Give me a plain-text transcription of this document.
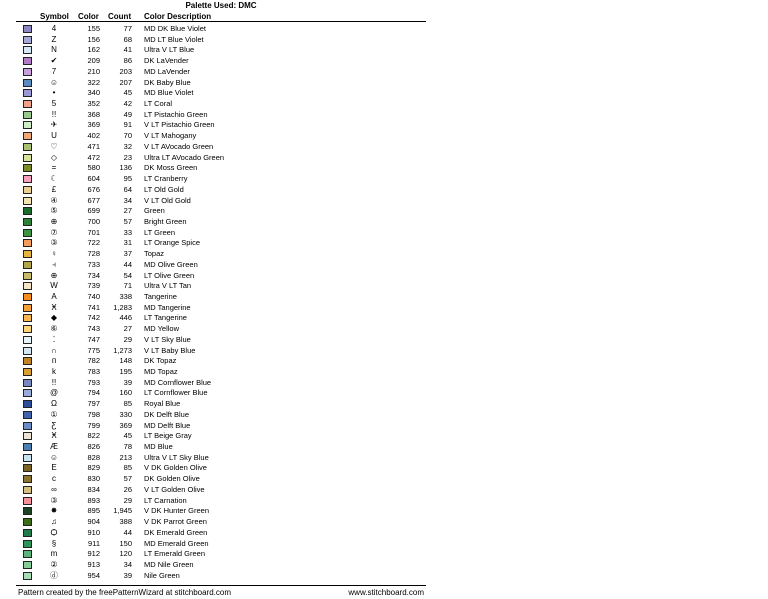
Palette Used: DMC
Symbol Color Count Color Description
4	155	77 MD DK Blue Violet
Z	156	68 MD LT Blue Violet
N	162	41 Ultra V LT Blue
✔	209	86 DK LaVender
7	210	203 MD LaVender
☺	322	207 DK Baby Blue
•	340	45 MD Blue Violet
5	352	42 LT Coral
!!	368	49 LT Pistachio Green
✈	369	91 V LT Pistachio Green
U	402	70 V LT Mahogany
♡	471	32 V LT AVocado Green
◇	472	23 Ultra LT AVocado Green
=	580	136 DK Moss Green
☾	604	95 LT Cranberry
£	676	64 LT Old Gold
④	677	34 V LT Old Gold
⑤	699	27 Green
⊕	700	57 Bright Green
⑦	701	33 LT Green
③	722	31 LT Orange Spice
♀	728	37 Topaz
⫞	733	44 MD Olive Green
⊕	734	54 LT Olive Green
W	739	71 Ultra V LT Tan
A	740	338 Tangerine
Ӿ	741	1,283 MD Tangerine
◆	742	446 LT Tangerine
⑥	743	27 MD Yellow
⁚	747	29 V LT Sky Blue
∩	775	1,273 V LT Baby Blue
ᴨ	782	148 DK Topaz
k	783	195 MD Topaz
!!	793	39 MD Cornflower Blue
@	794	160 LT Cornflower Blue
Ω	797	85 Royal Blue
①	798	330 DK Delft Blue
Ƹ	799	369 MD Delft Blue
Ӿ	822	45 LT Beige Gray
Æ	826	78 MD Blue
☺	828	213 Ultra V LT Sky Blue
E	829	85 V DK Golden Olive
c	830	57 DK Golden Olive
∞	834	26 V LT Golden Olive
③	893	29 LT Carnation
✸	895	1,945 V DK Hunter Green
♫	904	388 V DK Parrot Green
Ѻ	910	44 DK Emerald Green
§	911	150 MD Emerald Green
m	912	120 LT Emerald Green
②	913	34 MD Nile Green
ⓓ	954	39 Nile Green
Pattern created by the freePatternWizard at stitchboard.com	www.stitchboard.com
